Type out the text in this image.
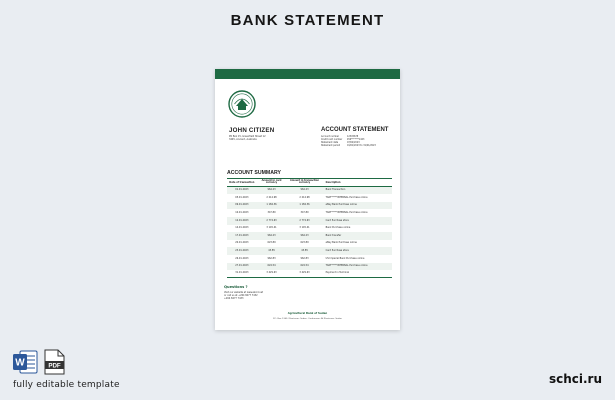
BANK STATEMENT
JOHN CITIZEN
PO Box 15, Greenfield Street 12
3445, Ancient, Australia
ACCOUNT STATEMENT
Account number	12345678
Credit card number	456*******1423
Statement date	07/02/2023
Statement period	01/01/2023 to 31/01/2023
ACCOUNT SUMMARY
Date of transaction	Amount in card currency	Amount in transaction currency	Description
01.01.2023	964.23	964.23	Bank Transaction
05.01.2023	2 214.98	2 214.98	TRAF*****INTERNAL Purchase online
09.01.2023	1 184.36	1 184.36	eBay Bank Purchase online
10.01.2023	347.80	347.80	TRAF*****INTERNAL Purchase online
12.01.2023	2 774.63	2 774.63	Card Purchase store
14.01.2023	3 145.41	3 145.41	Bank Purchase online
17.01.2023	964.23	964.23	Bank transfer
20.01.2023	623.89	623.89	eBay Bank Purchase online
23.01.2023	43.85	43.85	Card Purchase store
26.01.2023	962.83	962.83	US Imperial Bank Purchase online
27.01.2023	624.54	624.54	TRAF*****INTERNAL Purchase online
31.01.2023	3 429.63	3 429.63	Payment in Terminal
Questions ?
Visit our website at www.abcd.net
or call us at +264 8477 7432
+264 8477 7433
Agricultural Bank of Sudan
P.O. Box 1363, Khartoum, Sudan. Omdurman, Al Khartoum, Sudan
W	PDF
fully editable template	schci.ru
